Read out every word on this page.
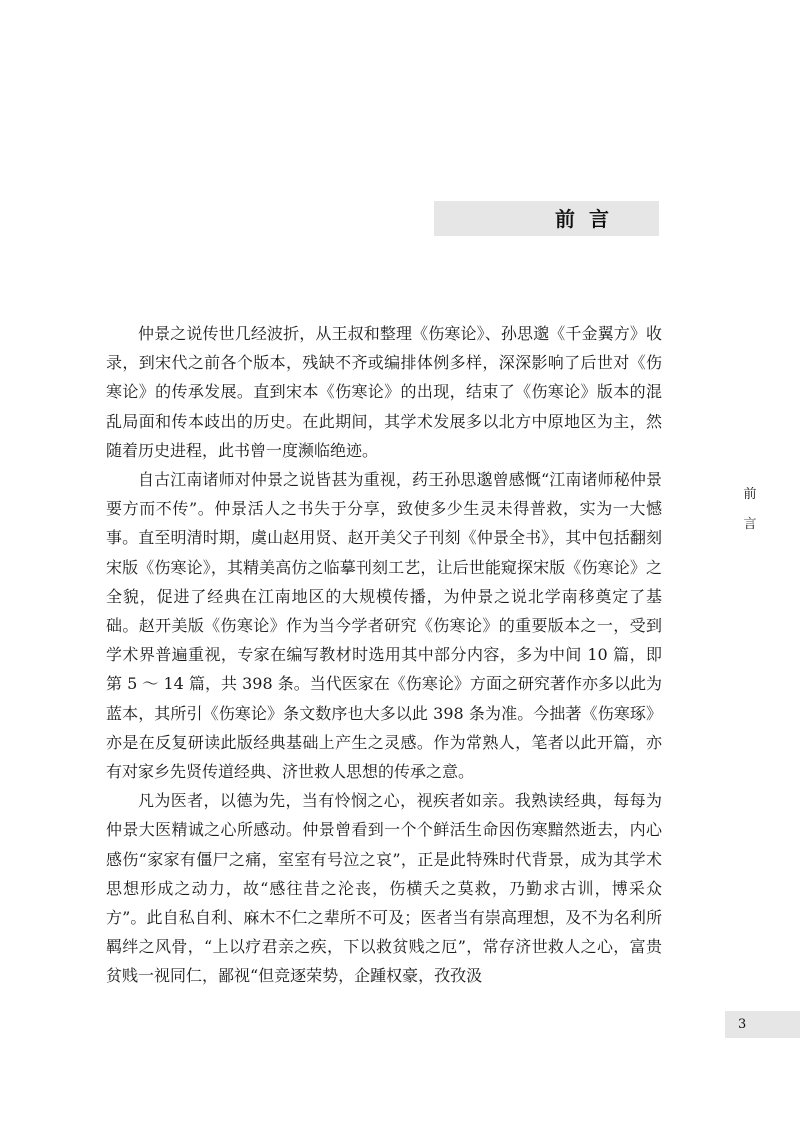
前言

仲景之说传世几经波折，从王叔和整理《伤寒论》、孙思邈《千金翼方》收录，到宋代之前各个版本，残缺不齐或编排体例多样，深深影响了后世对《伤寒论》的传承发展。直到宋本《伤寒论》的出现，结束了《伤寒论》版本的混乱局面和传本歧出的历史。在此期间，其学术发展多以北方中原地区为主，然随着历史进程，此书曾一度濒临绝迹。

自古江南诸师对仲景之说皆甚为重视，药王孙思邈曾感慨“江南诸师秘仲景要方而不传”。仲景活人之书失于分享，致使多少生灵未得普救，实为一大憾事。直至明清时期，虞山赵用贤、赵开美父子刊刻《仲景全书》，其中包括翻刻宋版《伤寒论》，其精美高仿之临摹刊刻工艺，让后世能窥探宋版《伤寒论》之全貌，促进了经典在江南地区的大规模传播，为仲景之说北学南移奠定了基础。赵开美版《伤寒论》作为当今学者研究《伤寒论》的重要版本之一，受到学术界普遍重视，专家在编写教材时选用其中部分内容，多为中间 10 篇，即第 5 ～ 14 篇，共 398 条。当代医家在《伤寒论》方面之研究著作亦多以此为蓝本，其所引《伤寒论》条文数序也大多以此 398 条为准。今拙著《伤寒琢》亦是在反复研读此版经典基础上产生之灵感。作为常熟人，笔者以此开篇，亦有对家乡先贤传道经典、济世救人思想的传承之意。

凡为医者，以德为先，当有怜悯之心，视疾者如亲。我熟读经典，每每为仲景大医精诚之心所感动。仲景曾看到一个个鲜活生命因伤寒黯然逝去，内心感伤“家家有僵尸之痛，室室有号泣之哀”，正是此特殊时代背景，成为其学术思想形成之动力，故“感往昔之沦丧，伤横夭之莫救，乃勤求古训，博采众方”。此自私自利、麻木不仁之辈所不可及；医者当有崇高理想，及不为名利所羁绊之风骨，“上以疗君亲之疾，下以救贫贱之厄”，常存济世救人之心，富贵贫贱一视同仁，鄙视“但竞逐荣势，企踵权豪，孜孜汲

前
言
3
